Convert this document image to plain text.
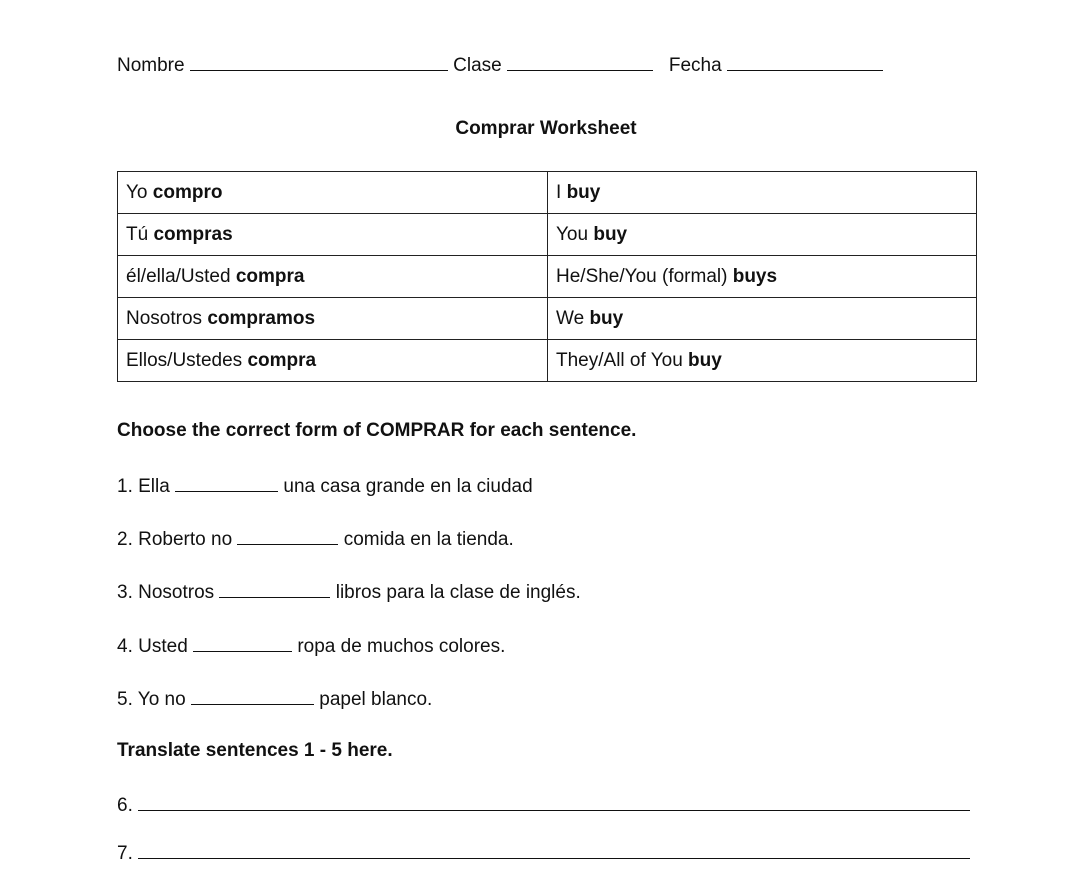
Nombre	Clase	Fecha
Comprar Worksheet
Yo compro	I buy
Tú compras	You buy
él/ella/Usted compra	He/She/You (formal) buys
Nosotros compramos	We buy
Ellos/Ustedes compra	They/All of You buy
Choose the correct form of COMPRAR for each sentence.
1. Ella	una casa grande en la ciudad
2. Roberto no	comida en la tienda.
3. Nosotros	libros para la clase de inglés.
4. Usted	ropa de muchos colores.
5. Yo no	papel blanco.
Translate sentences 1 - 5 here.
6.
7.
